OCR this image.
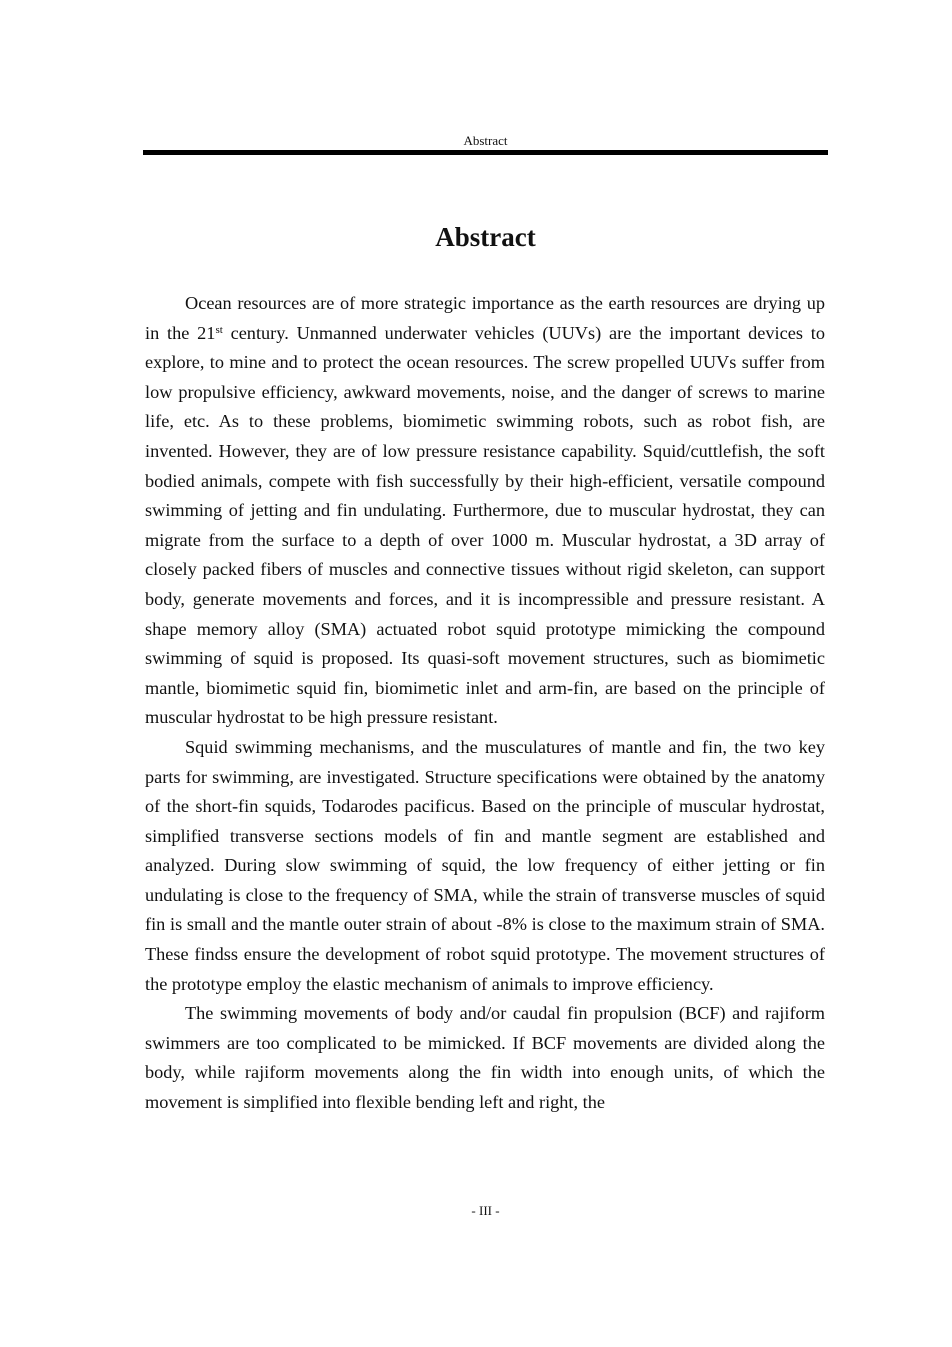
Abstract
Abstract

Ocean resources are of more strategic importance as the earth resources are drying up in the 21st century. Unmanned underwater vehicles (UUVs) are the important devices to explore, to mine and to protect the ocean resources. The screw propelled UUVs suffer from low propulsive efficiency, awkward movements, noise, and the danger of screws to marine life, etc. As to these problems, biomimetic swimming robots, such as robot fish, are invented. However, they are of low pressure resistance capability. Squid/cuttlefish, the soft bodied animals, compete with fish successfully by their high-efficient, versatile compound swimming of jetting and fin undulating. Furthermore, due to muscular hydrostat, they can migrate from the surface to a depth of over 1000 m. Muscular hydrostat, a 3D array of closely packed fibers of muscles and connective tissues without rigid skeleton, can support body, generate movements and forces, and it is incompressible and pressure resistant. A shape memory alloy (SMA) actuated robot squid prototype mimicking the compound swimming of squid is proposed. Its quasi-soft movement structures, such as biomimetic mantle, biomimetic squid fin, biomimetic inlet and arm-fin, are based on the principle of muscular hydrostat to be high pressure resistant.

Squid swimming mechanisms, and the musculatures of mantle and fin, the two key parts for swimming, are investigated. Structure specifications were obtained by the anatomy of the short-fin squids, Todarodes pacificus. Based on the principle of muscular hydrostat, simplified transverse sections models of fin and mantle segment are established and analyzed. During slow swimming of squid, the low frequency of either jetting or fin undulating is close to the frequency of SMA, while the strain of transverse muscles of squid fin is small and the mantle outer strain of about -8% is close to the maximum strain of SMA. These findss ensure the development of robot squid prototype. The movement structures of the prototype employ the elastic mechanism of animals to improve efficiency.

The swimming movements of body and/or caudal fin propulsion (BCF) and rajiform swimmers are too complicated to be mimicked. If BCF movements are divided along the body, while rajiform movements along the fin width into enough units, of which the movement is simplified into flexible bending left and right, the

- III -
